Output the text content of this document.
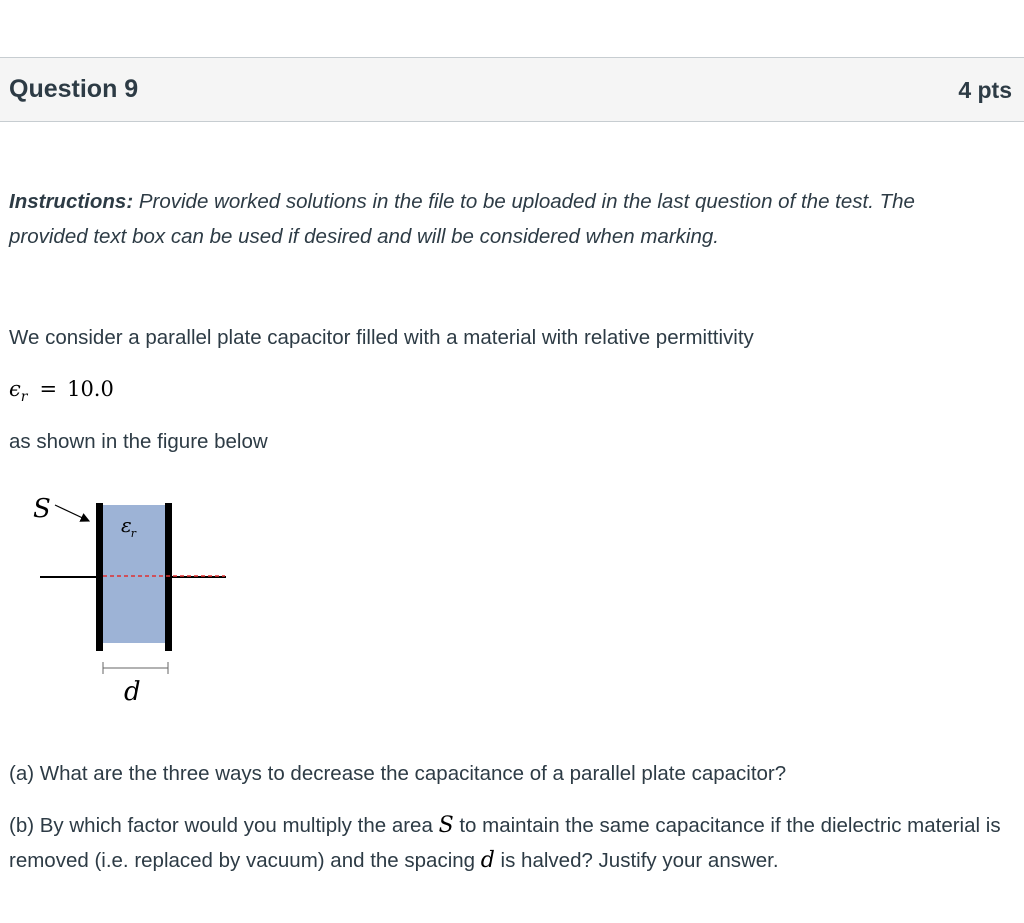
Question 9	4 pts
Instructions: Provide worked solutions in the file to be uploaded in the last question of the test. The provided text box can be used if desired and will be considered when marking.
We consider a parallel plate capacitor filled with a material with relative permittivity
$\epsilon_r = 10.0$
as shown in the figure below
S
εr
d
(a) What are the three ways to decrease the capacitance of a parallel plate capacitor?
(b) By which factor would you multiply the area S to maintain the same capacitance if the dielectric material is removed (i.e. replaced by vacuum) and the spacing d is halved? Justify your answer.
